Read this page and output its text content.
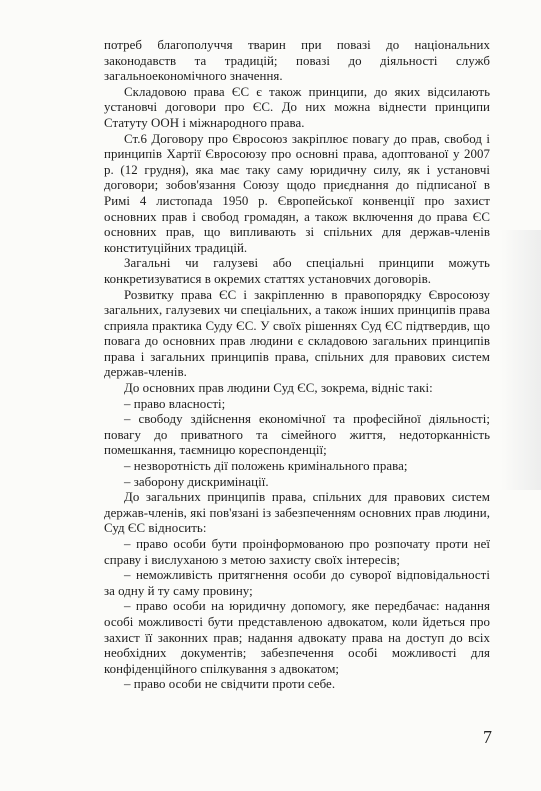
потреб благополуччя тварин при повазі до національних законодавств та традицій; повазі до діяльності служб загальноекономічного значення.

Складовою права ЄС є також принципи, до яких відсилають установчі договори про ЄС. До них можна віднести принципи Статуту ООН і міжнародного права.

Ст.6 Договору про Євросоюз закріплює повагу до прав, свобод і принципів Хартії Євросоюзу про основні права, адоптованої у 2007 р. (12 грудня), яка має таку саму юридичну силу, як і установчі договори; зобов'язання Союзу щодо приєднання до підписаної в Римі 4 листопада 1950 р. Європейської конвенції про захист основних прав і свобод громадян, а також включення до права ЄС основних прав, що випливають зі спільних для держав-членів конституційних традицій.

Загальні чи галузеві або спеціальні принципи можуть конкретизуватися в окремих статтях установчих договорів.

Розвитку права ЄС і закріпленню в правопорядку Євросоюзу загальних, галузевих чи спеціальних, а також інших принципів права сприяла практика Суду ЄС. У своїх рішеннях Суд ЄС підтвердив, що повага до основних прав людини є складовою загальних принципів права і загальних принципів права, спільних для правових систем держав-членів.

До основних прав людини Суд ЄС, зокрема, відніс такі:

– право власності;

– свободу здійснення економічної та професійної діяльності; повагу до приватного та сімейного життя, недоторканність помешкання, таємницю кореспонденції;

– незворотність дії положень кримінального права;

– заборону дискримінації.

До загальних принципів права, спільних для правових систем держав-членів, які пов'язані із забезпеченням основних прав людини, Суд ЄС відносить:

– право особи бути проінформованою про розпочату проти неї справу і вислуханою з метою захисту своїх інтересів;

– неможливість притягнення особи до суворої відповідальності за одну й ту саму провину;

– право особи на юридичну допомогу, яке передбачає: надання особі можливості бути представленою адвокатом, коли йдеться про захист її законних прав; надання адвокату права на доступ до всіх необхідних документів; забезпечення особі можливості для конфіденційного спілкування з адвокатом;

– право особи не свідчити проти себе.

7
